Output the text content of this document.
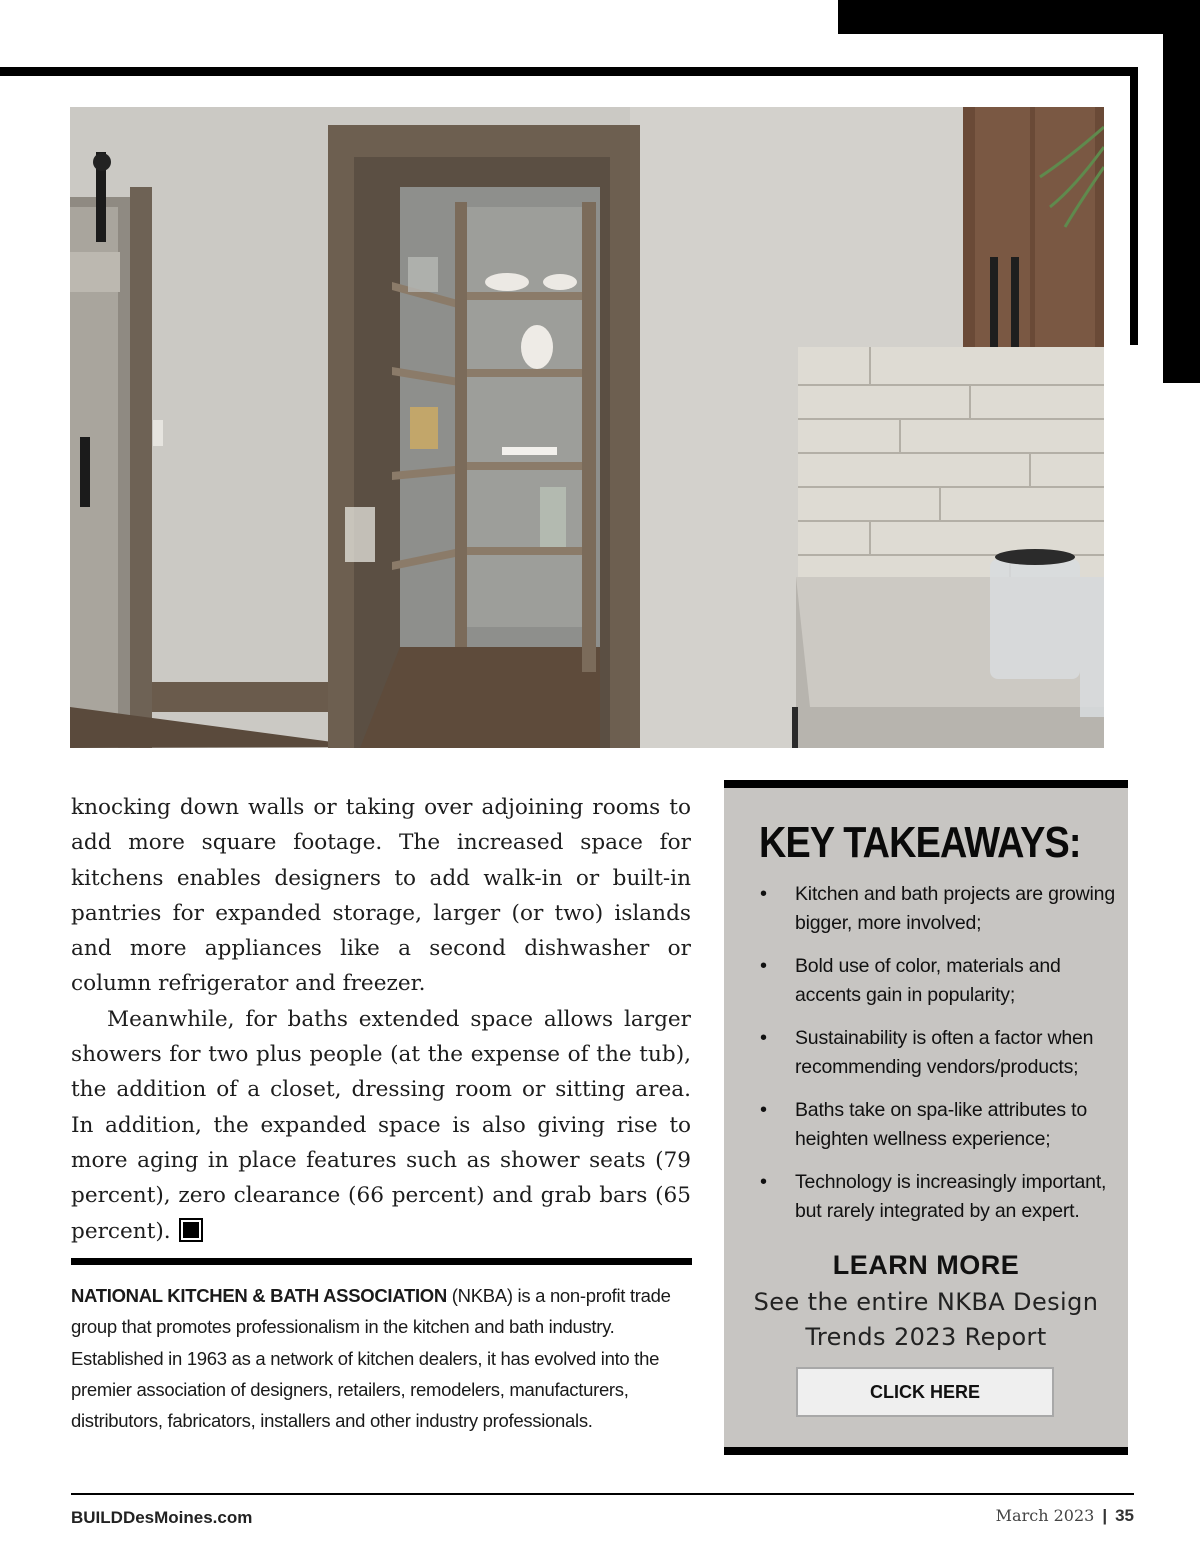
knocking down walls or taking over adjoining rooms to add more square footage. The increased space for kitchens enables designers to add walk-in or built-in pantries for expanded storage, larger (or two) islands and more appliances like a second dishwasher or column refrigerator and freezer.

Meanwhile, for baths extended space allows larger showers for two plus people (at the expense of the tub), the addition of a closet, dressing room or sitting area. In addition, the expanded space is also giving rise to more aging in place features such as shower seats (79 percent), zero clearance (66 percent) and grab bars (65 percent).	B

KEY TAKEAWAYS:
• Kitchen and bath projects are growing bigger, more involved;
• Bold use of color, materials and accents gain in popularity;
• Sustainability is often a factor when recommending vendors/products;
• Baths take on spa-like attributes to heighten wellness experience;
• Technology is increasingly important, but rarely integrated by an expert.
LEARN MORE
See the entire NKBA Design Trends 2023 Report
CLICK HERE
NATIONAL KITCHEN & BATH ASSOCIATION (NKBA) is a non-profit trade group that promotes professionalism in the kitchen and bath industry. Established in 1963 as a network of kitchen dealers, it has evolved into the premier association of designers, retailers, remodelers, manufacturers, distributors, fabricators, installers and other industry professionals.
BUILDDesMoines.com	March 2023 | 35
